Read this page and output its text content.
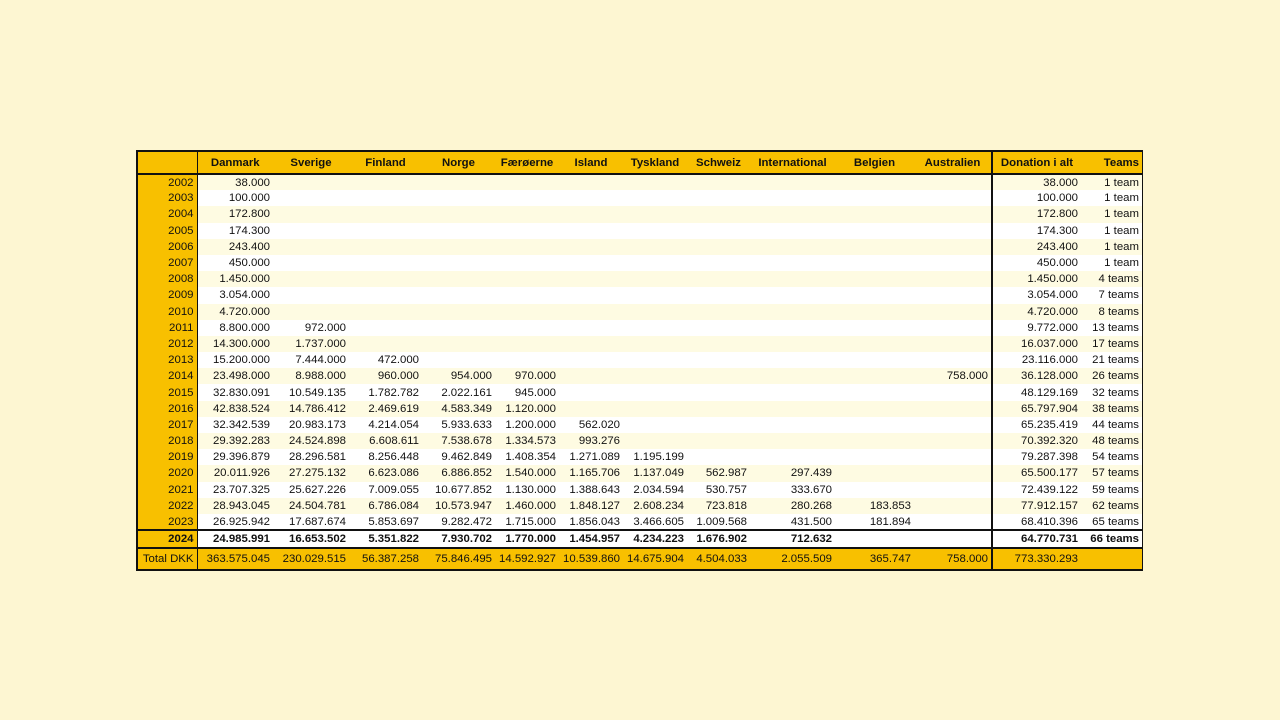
	Danmark	Sverige	Finland	Norge	Færøerne	Island	Tyskland	Schweiz	International	Belgien	Australien	Donation i alt	Teams
2002	38.000											38.000	1 team
2003	100.000											100.000	1 team
2004	172.800											172.800	1 team
2005	174.300											174.300	1 team
2006	243.400											243.400	1 team
2007	450.000											450.000	1 team
2008	1.450.000											1.450.000	4 teams
2009	3.054.000											3.054.000	7 teams
2010	4.720.000											4.720.000	8 teams
2011	8.800.000	972.000										9.772.000	13 teams
2012	14.300.000	1.737.000										16.037.000	17 teams
2013	15.200.000	7.444.000	472.000									23.116.000	21 teams
2014	23.498.000	8.988.000	960.000	954.000	970.000						758.000	36.128.000	26 teams
2015	32.830.091	10.549.135	1.782.782	2.022.161	945.000							48.129.169	32 teams
2016	42.838.524	14.786.412	2.469.619	4.583.349	1.120.000							65.797.904	38 teams
2017	32.342.539	20.983.173	4.214.054	5.933.633	1.200.000	562.020						65.235.419	44 teams
2018	29.392.283	24.524.898	6.608.611	7.538.678	1.334.573	993.276						70.392.320	48 teams
2019	29.396.879	28.296.581	8.256.448	9.462.849	1.408.354	1.271.089	1.195.199					79.287.398	54 teams
2020	20.011.926	27.275.132	6.623.086	6.886.852	1.540.000	1.165.706	1.137.049	562.987	297.439			65.500.177	57 teams
2021	23.707.325	25.627.226	7.009.055	10.677.852	1.130.000	1.388.643	2.034.594	530.757	333.670			72.439.122	59 teams
2022	28.943.045	24.504.781	6.786.084	10.573.947	1.460.000	1.848.127	2.608.234	723.818	280.268	183.853		77.912.157	62 teams
2023	26.925.942	17.687.674	5.853.697	9.282.472	1.715.000	1.856.043	3.466.605	1.009.568	431.500	181.894		68.410.396	65 teams
2024	24.985.991	16.653.502	5.351.822	7.930.702	1.770.000	1.454.957	4.234.223	1.676.902	712.632			64.770.731	66 teams
Total DKK	363.575.045	230.029.515	56.387.258	75.846.495	14.592.927	10.539.860	14.675.904	4.504.033	2.055.509	365.747	758.000	773.330.293	
